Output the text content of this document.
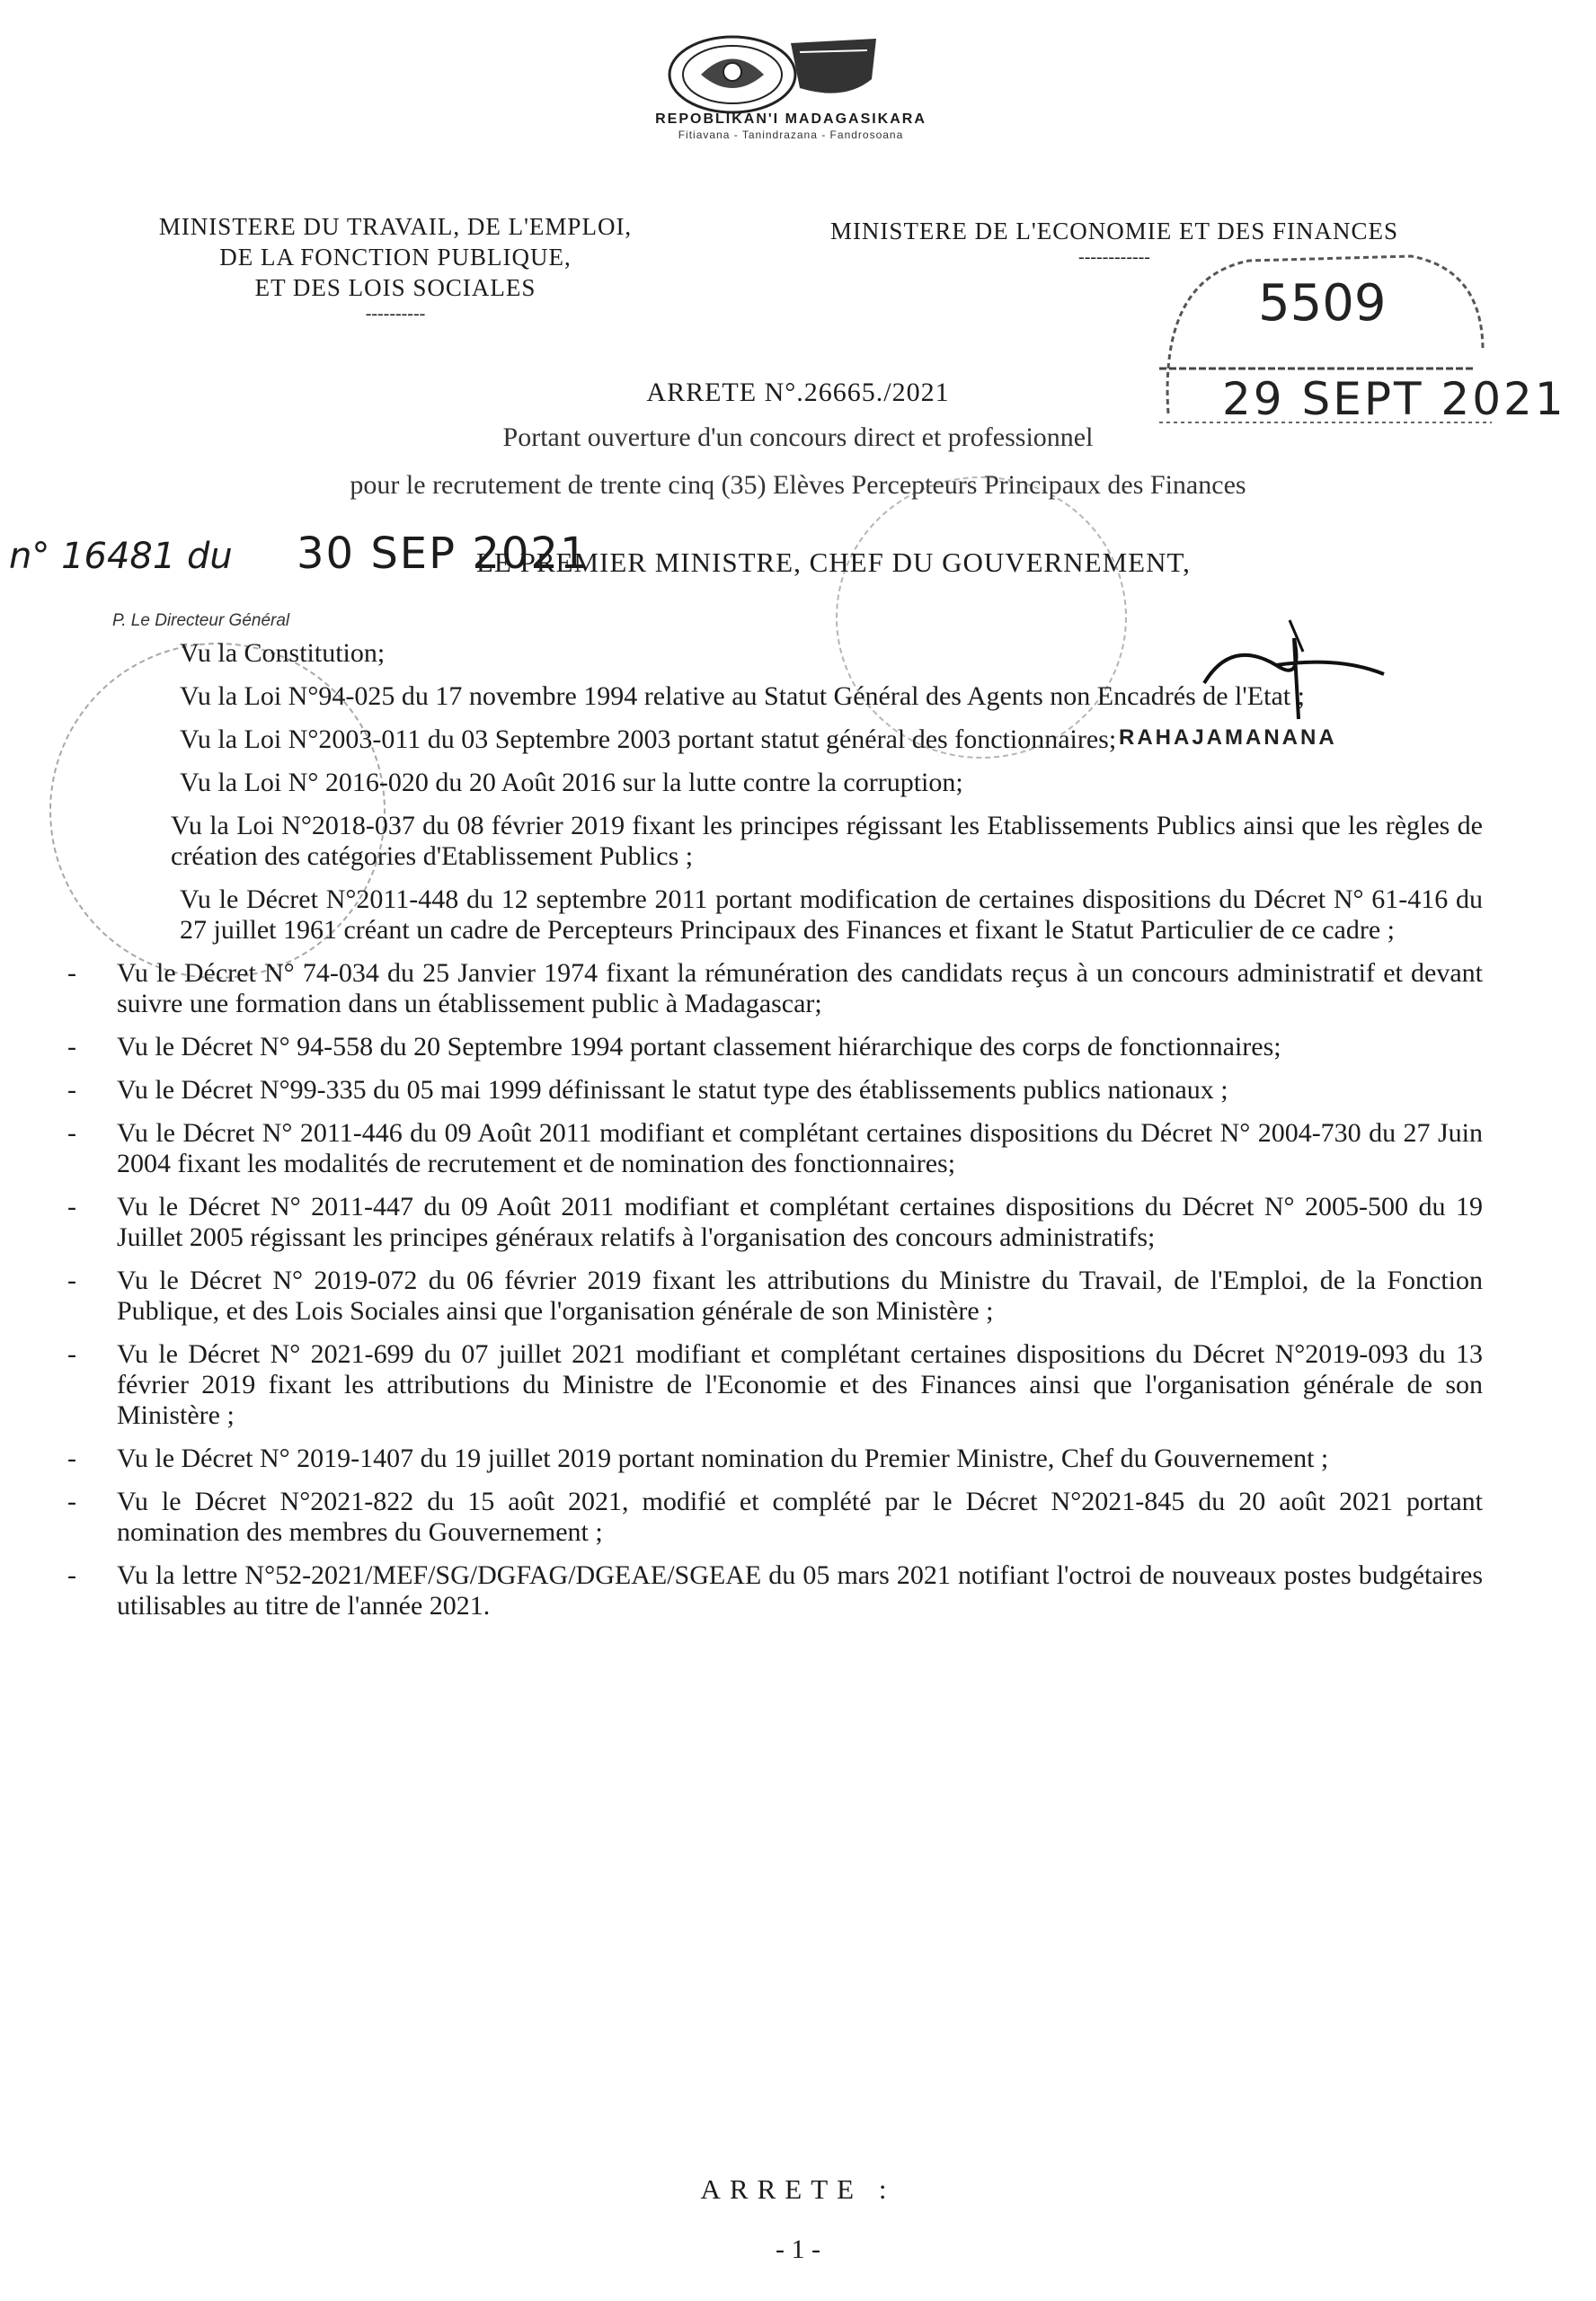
REPOBLIKAN'I MADAGASIKARA
Fitiavana - Tanindrazana - Fandrosoana
MINISTERE DU TRAVAIL, DE L'EMPLOI,
DE LA FONCTION PUBLIQUE,
ET DES LOIS SOCIALES
----------
MINISTERE DE L'ECONOMIE ET DES FINANCES
------------
5509
29 SEPT 2021
ARRETE N°.26665./2021
Portant ouverture d'un concours direct et professionnel
pour le recrutement de trente cinq (35) Elèves Percepteurs Principaux des Finances
n° 16481 du 30 SEP 2021
LE PREMIER MINISTRE, CHEF DU GOUVERNEMENT,
P. Le Directeur Général
RAHAJAMANANA
Vu la Constitution;
Vu la Loi N°94-025 du 17 novembre 1994 relative au Statut Général des Agents non Encadrés de l'Etat ;
Vu la Loi N°2003-011 du 03 Septembre 2003 portant statut général des fonctionnaires;
Vu la Loi N° 2016-020 du 20 Août 2016 sur la lutte contre la corruption;
Vu la Loi N°2018-037 du 08 février 2019 fixant les principes régissant les Etablissements Publics ainsi que les règles de création des catégories d'Etablissement Publics ;
Vu le Décret N°2011-448 du 12 septembre 2011 portant modification de certaines dispositions du Décret N° 61-416 du 27 juillet 1961 créant un cadre de Percepteurs Principaux des Finances et fixant le Statut Particulier de ce cadre ;
- Vu le Décret N° 74-034 du 25 Janvier 1974 fixant la rémunération des candidats reçus à un concours administratif et devant suivre une formation dans un établissement public à Madagascar;
- Vu le Décret N° 94-558 du 20 Septembre 1994 portant classement hiérarchique des corps de fonctionnaires;
- Vu le Décret N°99-335 du 05 mai 1999 définissant le statut type des établissements publics nationaux ;
- Vu le Décret N° 2011-446 du 09 Août 2011 modifiant et complétant certaines dispositions du Décret N° 2004-730 du 27 Juin 2004 fixant les modalités de recrutement et de nomination des fonctionnaires;
- Vu le Décret N° 2011-447 du 09 Août 2011 modifiant et complétant certaines dispositions du Décret N° 2005-500 du 19 Juillet 2005 régissant les principes généraux relatifs à l'organisation des concours administratifs;
- Vu le Décret N° 2019-072 du 06 février 2019 fixant les attributions du Ministre du Travail, de l'Emploi, de la Fonction Publique, et des Lois Sociales ainsi que l'organisation générale de son Ministère ;
- Vu le Décret N° 2021-699 du 07 juillet 2021 modifiant et complétant certaines dispositions du Décret N°2019-093 du 13 février 2019 fixant les attributions du Ministre de l'Economie et des Finances ainsi que l'organisation générale de son Ministère ;
- Vu le Décret N° 2019-1407 du 19 juillet 2019 portant nomination du Premier Ministre, Chef du Gouvernement ;
- Vu le Décret N°2021-822 du 15 août 2021, modifié et complété par le Décret N°2021-845 du 20 août 2021 portant nomination des membres du Gouvernement ;
- Vu la lettre N°52-2021/MEF/SG/DGFAG/DGEAE/SGEAE du 05 mars 2021 notifiant l'octroi de nouveaux postes budgétaires utilisables au titre de l'année 2021.
ARRETE :
- 1 -
